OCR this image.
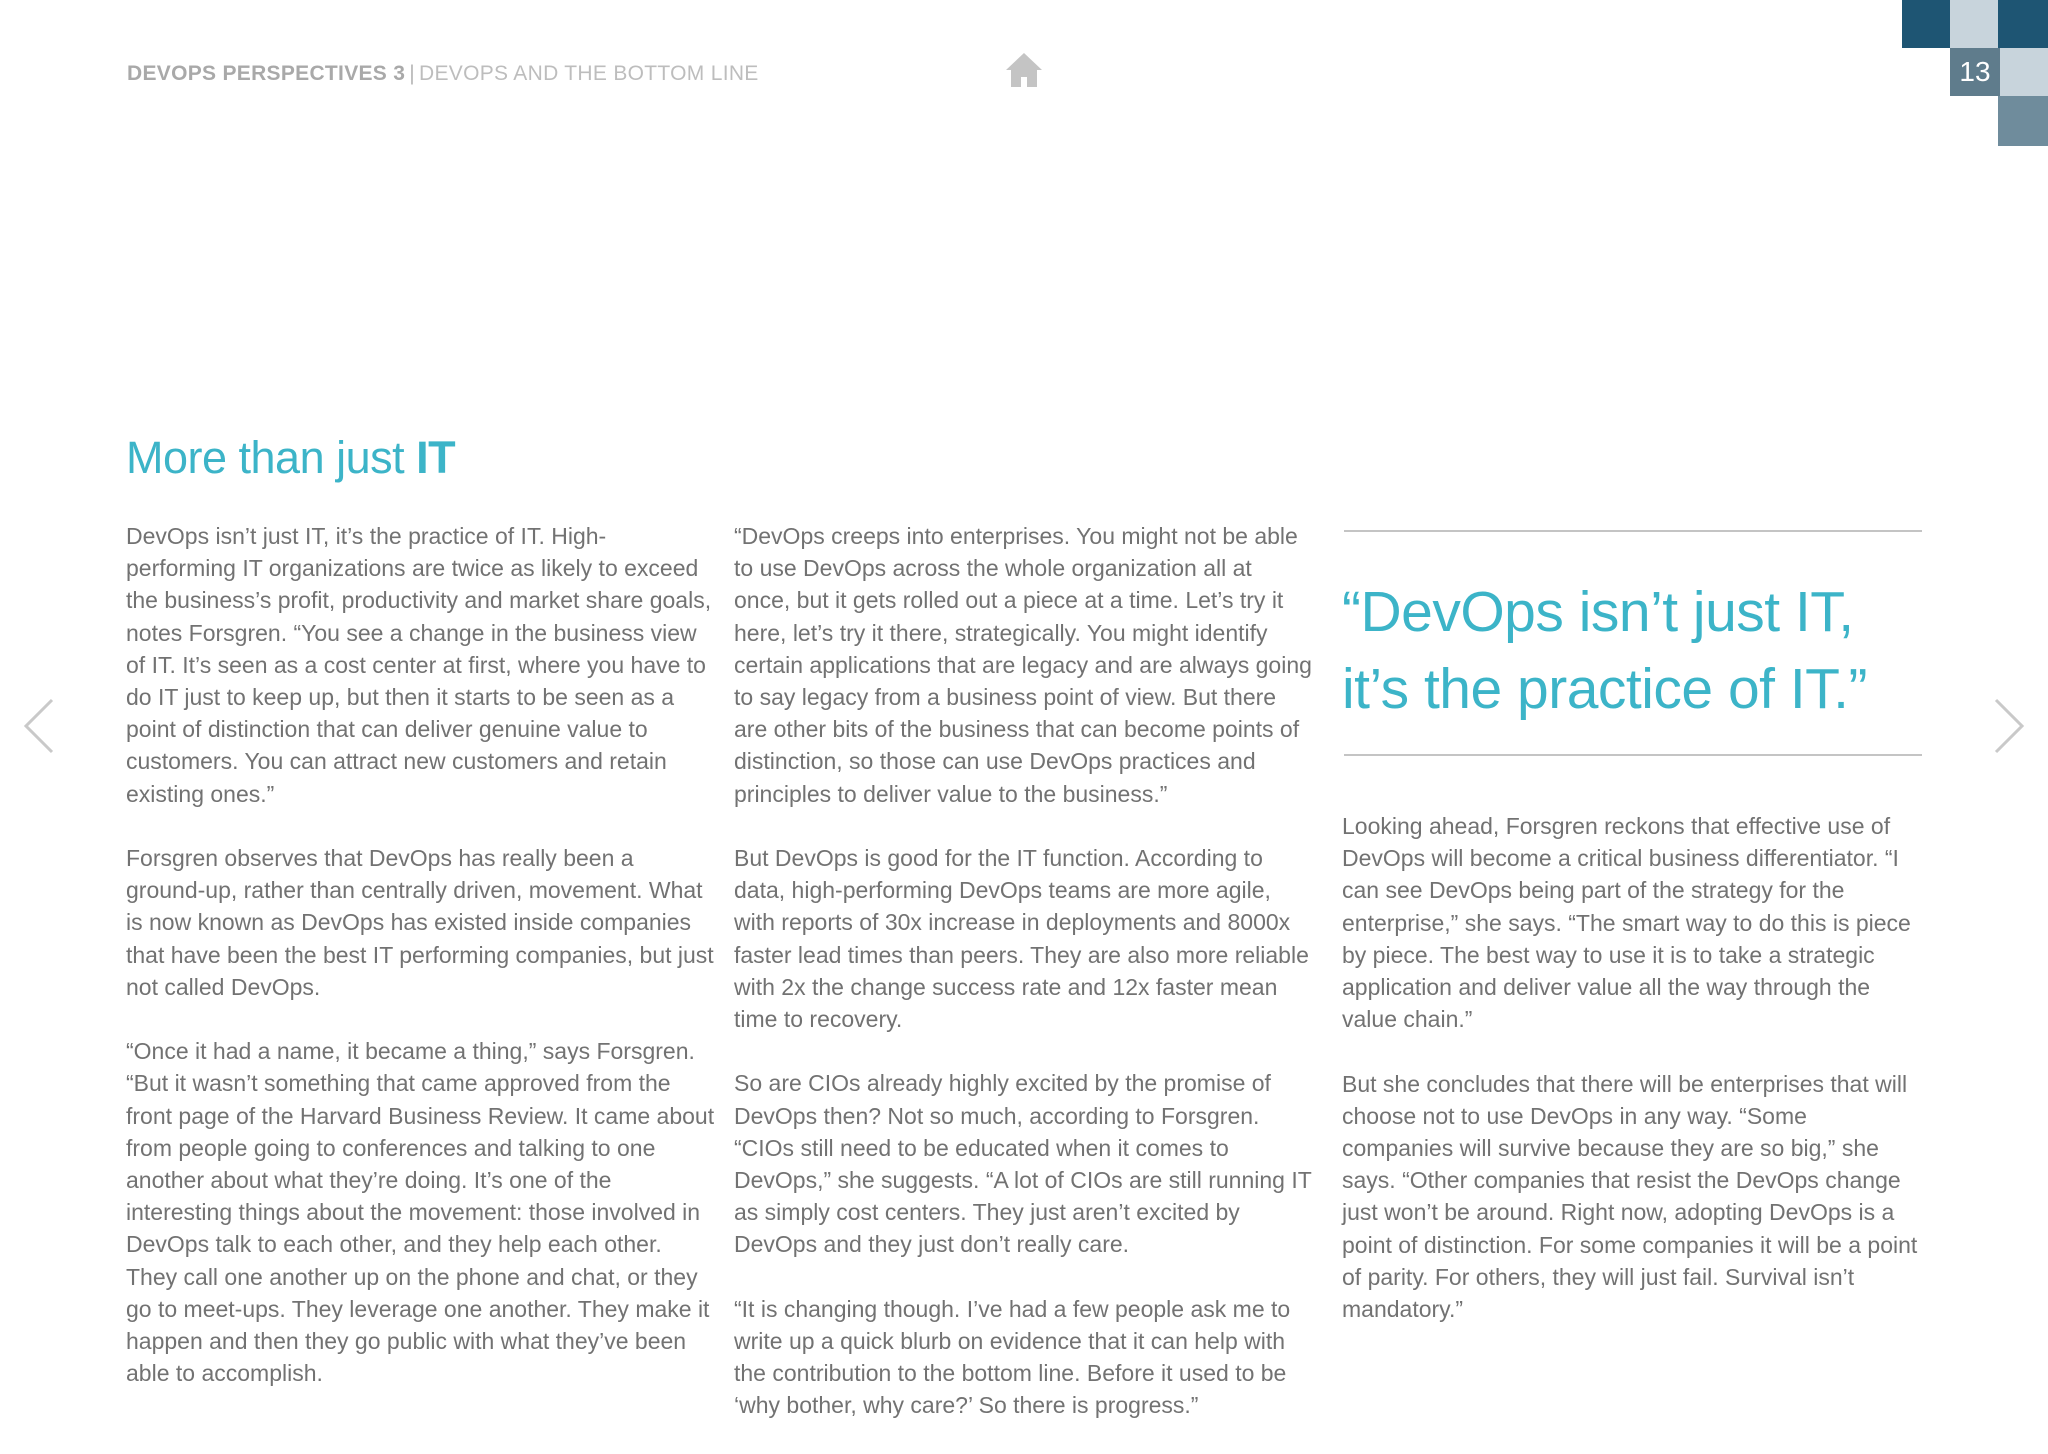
DEVOPS PERSPECTIVES 3 | DEVOPS AND THE BOTTOM LINE	13
More than just IT

DevOps isn’t just IT, it’s the practice of IT. High-performing IT organizations are twice as likely to exceed the business’s profit, productivity and market share goals, notes Forsgren. “You see a change in the business view of IT. It’s seen as a cost center at first, where you have to do IT just to keep up, but then it starts to be seen as a point of distinction that can deliver genuine value to customers. You can attract new customers and retain existing ones.”

Forsgren observes that DevOps has really been a ground-up, rather than centrally driven, movement. What is now known as DevOps has existed inside companies that have been the best IT performing companies, but just not called DevOps.

“Once it had a name, it became a thing,” says Forsgren. “But it wasn’t something that came approved from the front page of the Harvard Business Review. It came about from people going to conferences and talking to one another about what they’re doing. It’s one of the interesting things about the movement: those involved in DevOps talk to each other, and they help each other. They call one another up on the phone and chat, or they go to meet-ups. They leverage one another. They make it happen and then they go public with what they’ve been able to accomplish.

“DevOps creeps into enterprises. You might not be able to use DevOps across the whole organization all at once, but it gets rolled out a piece at a time. Let’s try it here, let’s try it there, strategically. You might identify certain applications that are legacy and are always going to say legacy from a business point of view. But there are other bits of the business that can become points of distinction, so those can use DevOps practices and principles to deliver value to the business.”

But DevOps is good for the IT function. According to data, high-performing DevOps teams are more agile, with reports of 30x increase in deployments and 8000x faster lead times than peers. They are also more reliable with 2x the change success rate and 12x faster mean time to recovery.

So are CIOs already highly excited by the promise of DevOps then? Not so much, according to Forsgren. “CIOs still need to be educated when it comes to DevOps,” she suggests. “A lot of CIOs are still running IT as simply cost centers. They just aren’t excited by DevOps and they just don’t really care.

“It is changing though. I’ve had a few people ask me to write up a quick blurb on evidence that it can help with the contribution to the bottom line. Before it used to be ‘why bother, why care?’ So there is progress.”

“DevOps isn’t just IT,
it’s the practice of IT.”

Looking ahead, Forsgren reckons that effective use of DevOps will become a critical business differentiator. “I can see DevOps being part of the strategy for the enterprise,” she says. “The smart way to do this is piece by piece. The best way to use it is to take a strategic application and deliver value all the way through the value chain.”

But she concludes that there will be enterprises that will choose not to use DevOps in any way. “Some companies will survive because they are so big,” she says. “Other companies that resist the DevOps change just won’t be around. Right now, adopting DevOps is a point of distinction. For some companies it will be a point of parity. For others, they will just fail. Survival isn’t mandatory.”
